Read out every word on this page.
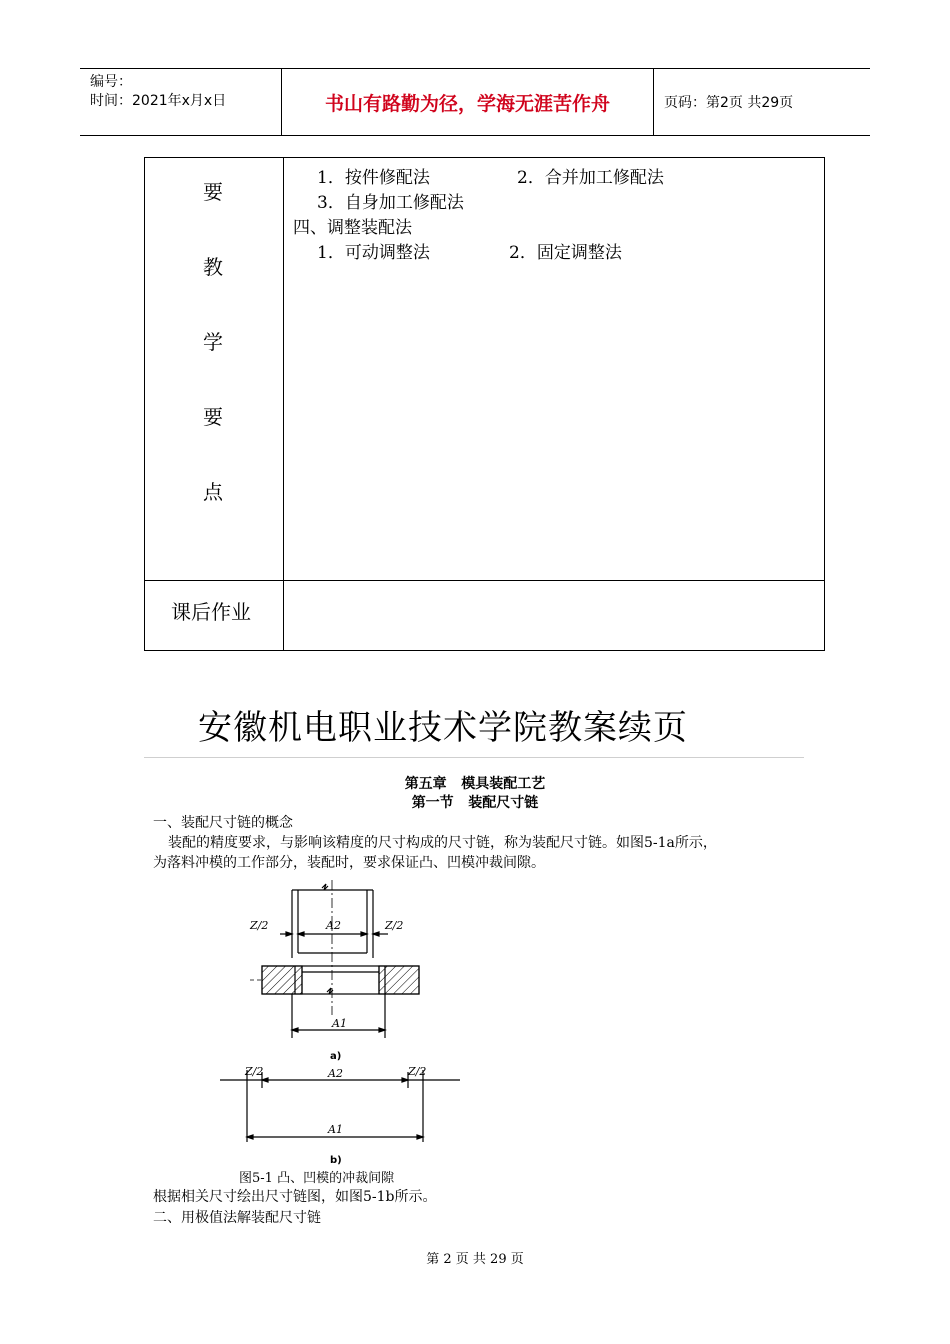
编号：
时间：2021年x月x日	书山有路勤为径，学海无涯苦作舟	页码：第2页 共29页
要
教
学
要
点
1．按件修配法	2．合并加工修配法
3．自身加工修配法
四、调整装配法
1．可动调整法	2．固定调整法
课后作业
安徽机电职业技术学院教案续页
第五章   模具装配工艺
第一节   装配尺寸链
一、装配尺寸链的概念
装配的精度要求，与影响该精度的尺寸构成的尺寸链，称为装配尺寸链。如图5-1a所示，
为落料冲模的工作部分，装配时，要求保证凸、凹模冲裁间隙。
Z/2	A2	Z/2
A1
Z/2	A2	Z/2
A1
a)
b)
图5-1 凸、凹模的冲裁间隙
根据相关尺寸绘出尺寸链图，如图5-1b所示。
二、用极值法解装配尺寸链
第 2 页 共 29 页
